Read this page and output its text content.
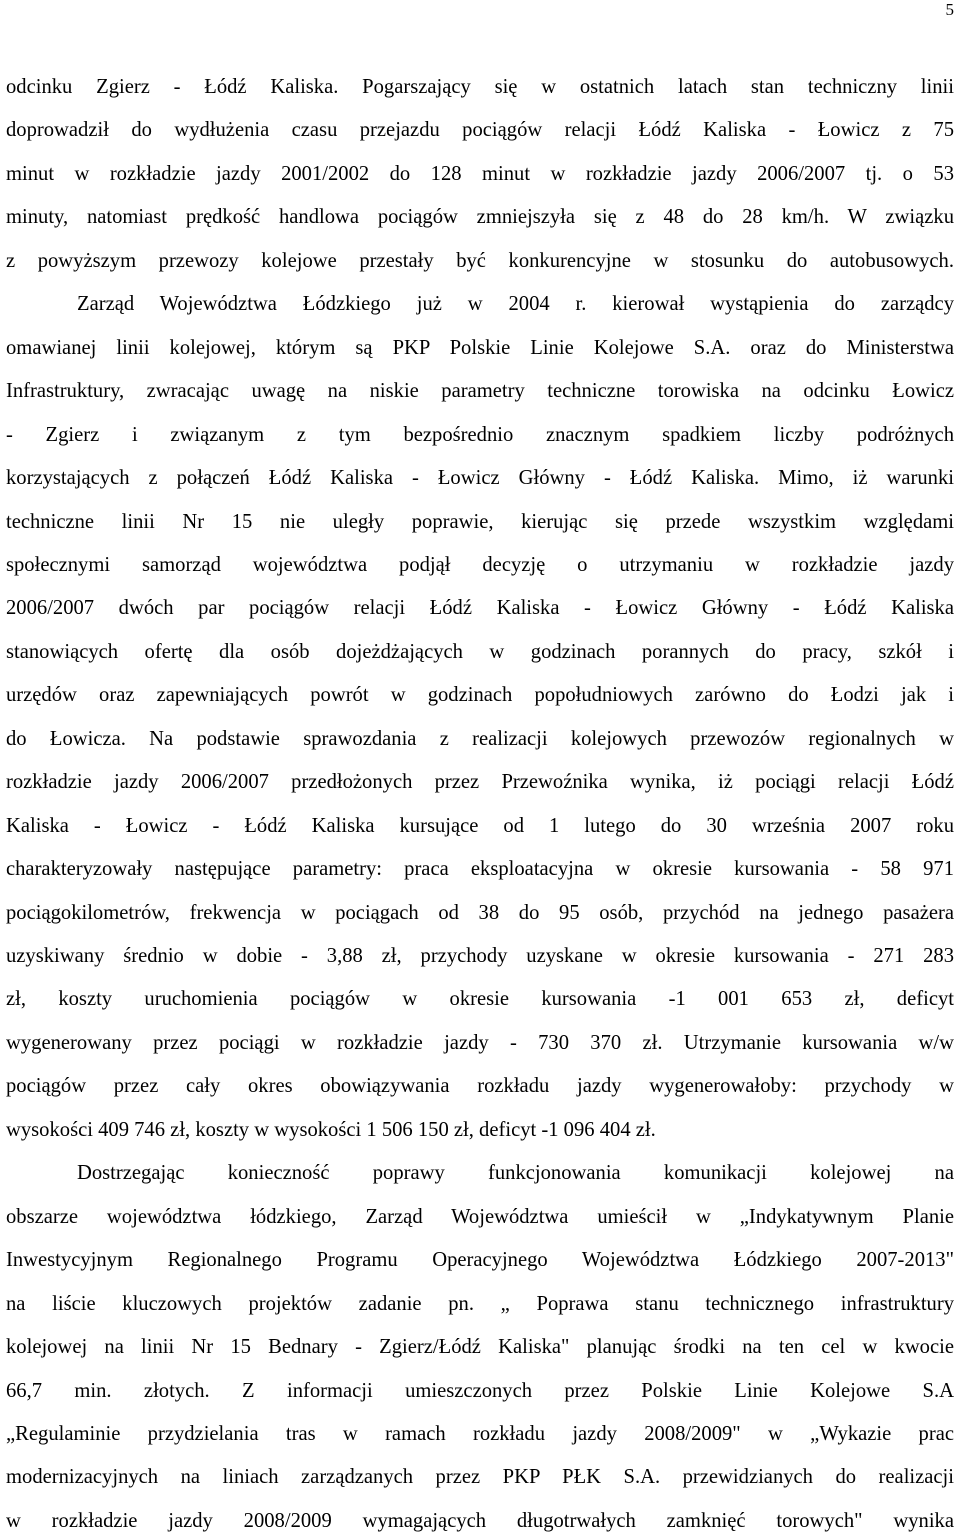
5
odcinku Zgierz - Łódź Kaliska. Pogarszający się w ostatnich latach stan techniczny linii
doprowadził do wydłużenia czasu przejazdu pociągów relacji Łódź Kaliska - Łowicz z 75
minut w rozkładzie jazdy 2001/2002 do 128 minut w rozkładzie jazdy 2006/2007 tj. o 53
minuty, natomiast prędkość handlowa pociągów zmniejszyła się z 48 do 28 km/h. W związku
z powyższym przewozy kolejowe przestały być konkurencyjne w stosunku do autobusowych.
Zarząd Województwa Łódzkiego już w 2004 r. kierował wystąpienia do zarządcy
omawianej linii kolejowej, którym są PKP Polskie Linie Kolejowe S.A. oraz do Ministerstwa
Infrastruktury, zwracając uwagę na niskie parametry techniczne torowiska na odcinku Łowicz
- Zgierz i związanym z tym bezpośrednio znacznym spadkiem liczby podróżnych
korzystających z połączeń Łódź Kaliska - Łowicz Główny - Łódź Kaliska. Mimo, iż warunki
techniczne linii Nr 15 nie uległy poprawie, kierując się przede wszystkim względami
społecznymi samorząd województwa podjął decyzję o utrzymaniu w rozkładzie jazdy
2006/2007 dwóch par pociągów relacji Łódź Kaliska - Łowicz Główny - Łódź Kaliska
stanowiących ofertę dla osób dojeżdżających w godzinach porannych do pracy, szkół i
urzędów oraz zapewniających powrót w godzinach popołudniowych zarówno do Łodzi jak i
do Łowicza. Na podstawie sprawozdania z realizacji kolejowych przewozów regionalnych w
rozkładzie jazdy 2006/2007 przedłożonych przez Przewoźnika wynika, iż pociągi relacji Łódź
Kaliska - Łowicz - Łódź Kaliska kursujące od 1 lutego do 30 września 2007 roku
charakteryzowały następujące parametry: praca eksploatacyjna w okresie kursowania - 58 971
pociągokilometrów, frekwencja w pociągach od 38 do 95 osób, przychód na jednego pasażera
uzyskiwany średnio w dobie - 3,88 zł, przychody uzyskane w okresie kursowania - 271 283
zł, koszty uruchomienia pociągów w okresie kursowania -1 001 653 zł, deficyt
wygenerowany przez pociągi w rozkładzie jazdy - 730 370 zł. Utrzymanie kursowania w/w
pociągów przez cały okres obowiązywania rozkładu jazdy wygenerowałoby: przychody w
wysokości 409 746 zł, koszty w wysokości 1 506 150 zł, deficyt -1 096 404 zł.
Dostrzegając konieczność poprawy funkcjonowania komunikacji kolejowej na
obszarze województwa łódzkiego, Zarząd Województwa umieścił w „Indykatywnym Planie
Inwestycyjnym Regionalnego Programu Operacyjnego Województwa Łódzkiego 2007-2013"
na liście kluczowych projektów zadanie pn. „ Poprawa stanu technicznego infrastruktury
kolejowej na linii Nr 15 Bednary - Zgierz/Łódź Kaliska" planując środki na ten cel w kwocie
66,7 min. złotych. Z informacji umieszczonych przez Polskie Linie Kolejowe S.A
„Regulaminie przydzielania tras w ramach rozkładu jazdy 2008/2009" w „Wykazie prac
modernizacyjnych na liniach zarządzanych przez PKP PŁK S.A. przewidzianych do realizacji
w rozkładzie jazdy 2008/2009 wymagających długotrwałych zamknięć torowych" wynika
